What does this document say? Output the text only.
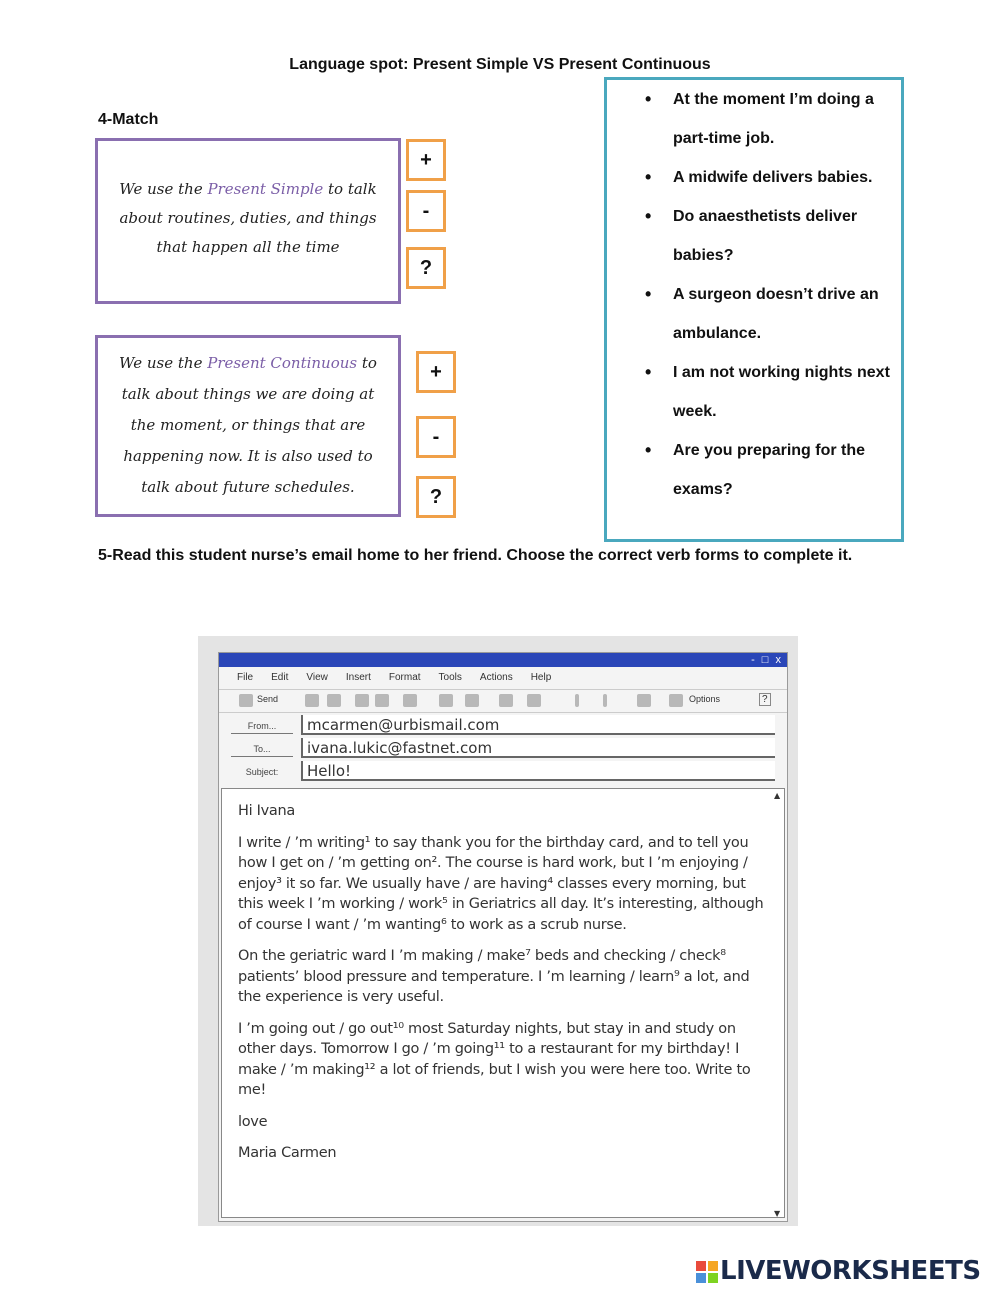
Language spot: Present Simple VS Present Continuous
4-Match
We use the Present Simple to talk about routines, duties, and things that happen all the time
+
-
?
We use the Present Continuous to talk about things we are doing at the moment, or things that are happening now. It is also used to talk about future schedules.
+
-
?
• At the moment I’m doing a part-time job.
• A midwife delivers babies.
• Do anaesthetists deliver babies?
• A surgeon doesn’t drive an ambulance.
• I am not working nights next week.
• Are you preparing for the exams?
5-Read this student nurse’s email home to her friend. Choose the correct verb forms to complete it.
- □ x
File Edit View Insert Format Tools Actions Help
Send	Options	?
From...	mcarmen@urbismail.com
To...	ivana.lukic@fastnet.com
Subject:	Hello!
▲

Hi Ivana

I write / ’m writing¹ to say thank you for the birthday card, and to tell you how I get on / ’m getting on². The course is hard work, but I ’m enjoying / enjoy³ it so far. We usually have / are having⁴ classes every morning, but this week I ’m working / work⁵ in Geriatrics all day. It’s interesting, although of course I want / ’m wanting⁶ to work as a scrub nurse.

On the geriatric ward I ’m making / make⁷ beds and checking / check⁸ patients’ blood pressure and temperature. I ’m learning / learn⁹ a lot, and the experience is very useful.

I ’m going out / go out¹⁰ most Saturday nights, but stay in and study on other days. Tomorrow I go / ’m going¹¹ to a restaurant for my birthday! I make / ’m making¹² a lot of friends, but I wish you were here too. Write to me!

love

Maria Carmen

▼
LIVEWORKSHEETS
